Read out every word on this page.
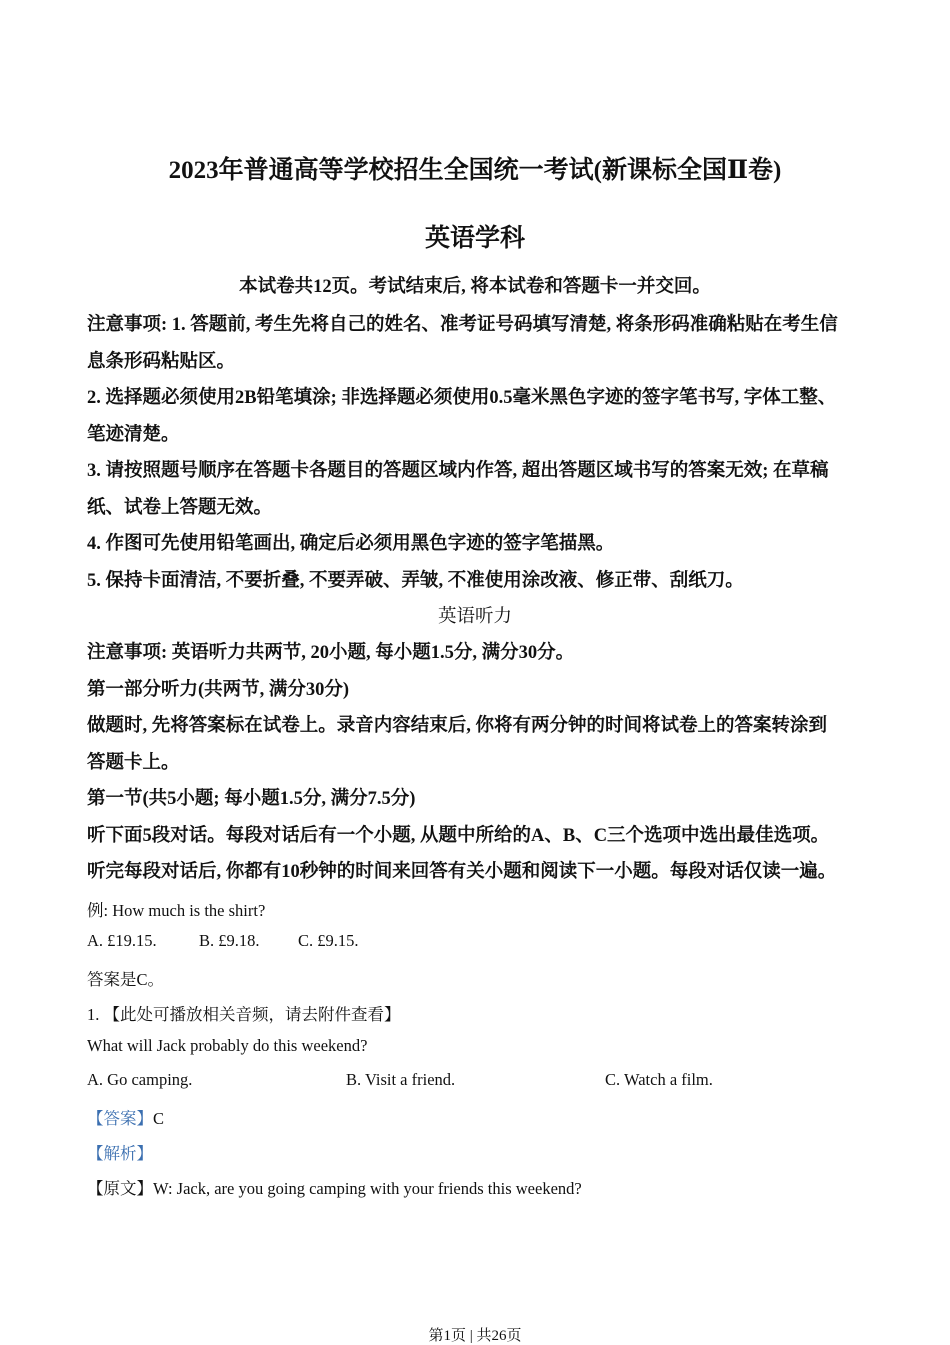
2023年普通高等学校招生全国统一考试(新课标全国Ⅱ卷)
英语学科
本试卷共12页。考试结束后, 将本试卷和答题卡一并交回。
注意事项: 1. 答题前, 考生先将自己的姓名、准考证号码填写清楚, 将条形码准确粘贴在考生信
息条形码粘贴区。
2. 选择题必须使用2B铅笔填涂; 非选择题必须使用0.5毫米黑色字迹的签字笔书写, 字体工整、
笔迹清楚。
3. 请按照题号顺序在答题卡各题目的答题区域内作答, 超出答题区域书写的答案无效; 在草稿
纸、试卷上答题无效。
4. 作图可先使用铅笔画出, 确定后必须用黑色字迹的签字笔描黑。
5. 保持卡面清洁, 不要折叠, 不要弄破、弄皱, 不准使用涂改液、修正带、刮纸刀。
英语听力
注意事项: 英语听力共两节, 20小题, 每小题1.5分, 满分30分。
第一部分听力(共两节, 满分30分)
做题时, 先将答案标在试卷上。录音内容结束后, 你将有两分钟的时间将试卷上的答案转涂到
答题卡上。
第一节(共5小题; 每小题1.5分, 满分7.5分)
听下面5段对话。每段对话后有一个小题, 从题中所给的A、B、C三个选项中选出最佳选项。
听完每段对话后, 你都有10秒钟的时间来回答有关小题和阅读下一小题。每段对话仅读一遍。
例: How much is the shirt?
A. £19.15.	B. £9.18. C. £9.15.
答案是C。
1. 【此处可播放相关音频，请去附件查看】
What will Jack probably do this weekend?
A. Go camping.	B. Visit a friend.	C. Watch a film.
【答案】C
【解析】
【原文】W: Jack, are you going camping with your friends this weekend?
第1页 | 共26页
